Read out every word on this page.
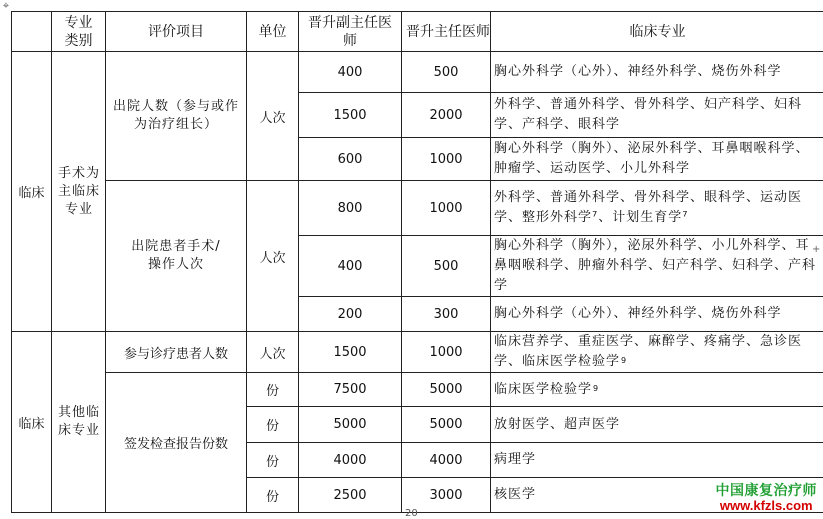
⌖
	专业类别	评价项目	单位	晋升副主任医师	晋升主任医师	临床专业
临床	手术为主临床专业	出院人数（参与或作为治疗组长）	人次	400	500	胸心外科学（心外）、神经外科学、烧伤外科学

				1500	2000	外科学、普通外科学、骨外科学、妇产科学、妇科学、产科学、眼科学

				600	1000	胸心外科学（胸外）、泌尿外科学、耳鼻咽喉科学、肿瘤学、运动医学、小儿外科学

		出院患者手术/操作人次	人次	800	1000	外科学、普通外科学、骨外科学、眼科学、运动医学、整形外科学⁷、计划生育学⁷

				400	500	胸心外科学（胸外），泌尿外科学、小儿外科学、耳鼻咽喉科学、肿瘤外科学、妇产科学、妇科学、产科学

				200	300	胸心外科学（心外）、神经外科学、烧伤外科学

临床	其他临床专业	参与诊疗患者人数	人次	1500	1000	临床营养学、重症医学、麻醉学、疼痛学、急诊医学、临床医学检验学$^9$
		签发检查报告份数	份	7500	5000	临床医学检验学$^9$
			份	5000	5000	放射医学、超声医学
			份	4000	4000	病理学
			份	2500	3000	核医学
+
中国康复治疗师
www.kfzls.com
20
